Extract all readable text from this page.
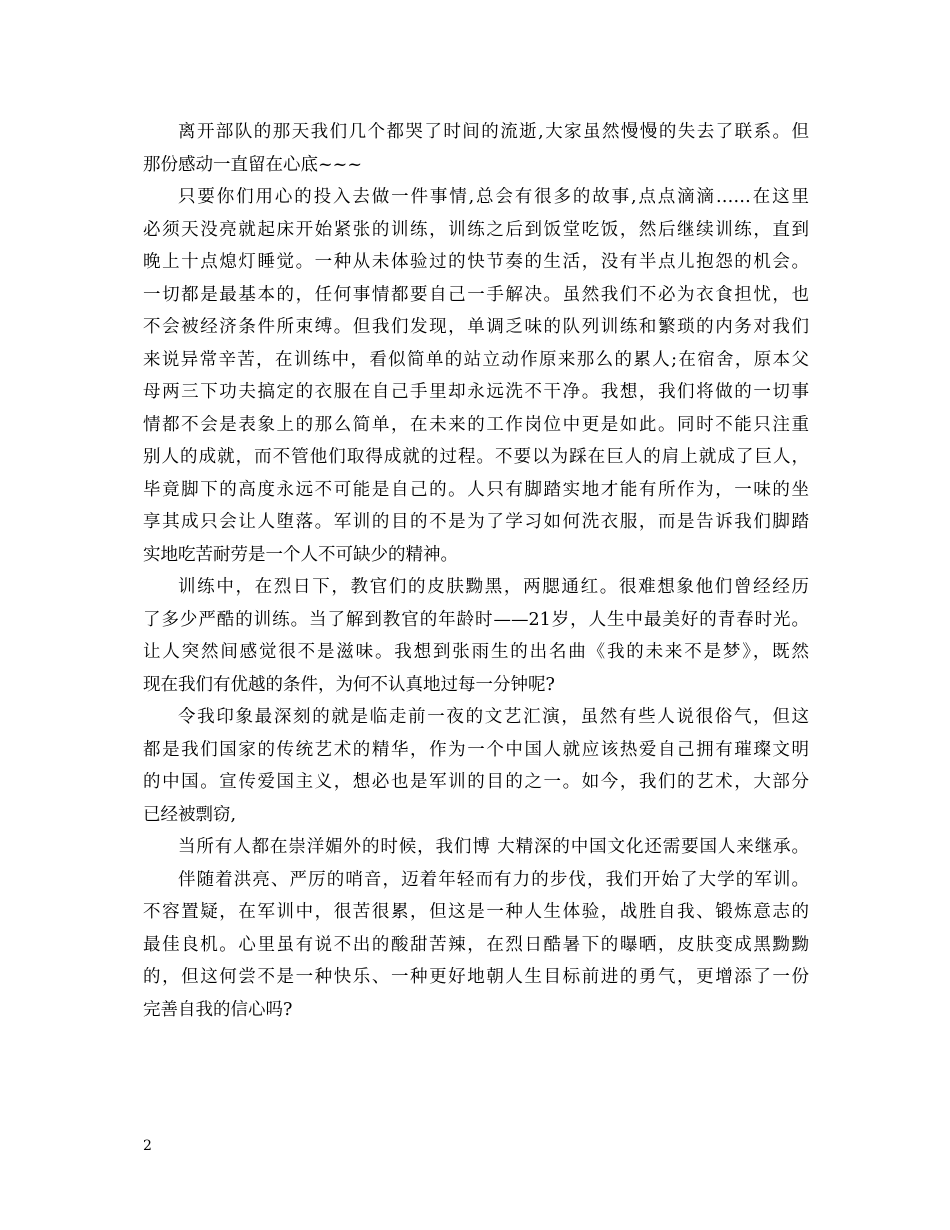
离开部队的那天我们几个都哭了时间的流逝,大家虽然慢慢的失去了联系。但
那份感动一直留在心底~~~
只要你们用心的投入去做一件事情,总会有很多的故事,点点滴滴……在这里
必须天没亮就起床开始紧张的训练，训练之后到饭堂吃饭，然后继续训练，直到
晚上十点熄灯睡觉。一种从未体验过的快节奏的生活，没有半点儿抱怨的机会。
一切都是最基本的，任何事情都要自己一手解决。虽然我们不必为衣食担忧，也
不会被经济条件所束缚。但我们发现，单调乏味的队列训练和繁琐的内务对我们
来说异常辛苦，在训练中，看似简单的站立动作原来那么的累人;在宿舍，原本父
母两三下功夫搞定的衣服在自己手里却永远洗不干净。我想，我们将做的一切事
情都不会是表象上的那么简单，在未来的工作岗位中更是如此。同时不能只注重
别人的成就，而不管他们取得成就的过程。不要以为踩在巨人的肩上就成了巨人，
毕竟脚下的高度永远不可能是自己的。人只有脚踏实地才能有所作为，一味的坐
享其成只会让人堕落。军训的目的不是为了学习如何洗衣服，而是告诉我们脚踏
实地吃苦耐劳是一个人不可缺少的精神。
训练中，在烈日下，教官们的皮肤黝黑，两腮通红。很难想象他们曾经经历
了多少严酷的训练。当了解到教官的年龄时——21岁，人生中最美好的青春时光。
让人突然间感觉很不是滋味。我想到张雨生的出名曲《我的未来不是梦》，既然
现在我们有优越的条件，为何不认真地过每一分钟呢?
令我印象最深刻的就是临走前一夜的文艺汇演，虽然有些人说很俗气，但这
都是我们国家的传统艺术的精华，作为一个中国人就应该热爱自己拥有璀璨文明
的中国。宣传爱国主义，想必也是军训的目的之一。如今，我们的艺术，大部分
已经被剽窃,
当所有人都在崇洋媚外的时候，我们博 大精深的中国文化还需要国人来继承。
伴随着洪亮、严厉的哨音，迈着年轻而有力的步伐，我们开始了大学的军训。
不容置疑，在军训中，很苦很累，但这是一种人生体验，战胜自我、锻炼意志的
最佳良机。心里虽有说不出的酸甜苦辣，在烈日酷暑下的曝晒，皮肤变成黑黝黝
的，但这何尝不是一种快乐、一种更好地朝人生目标前进的勇气，更增添了一份
完善自我的信心吗?
2
